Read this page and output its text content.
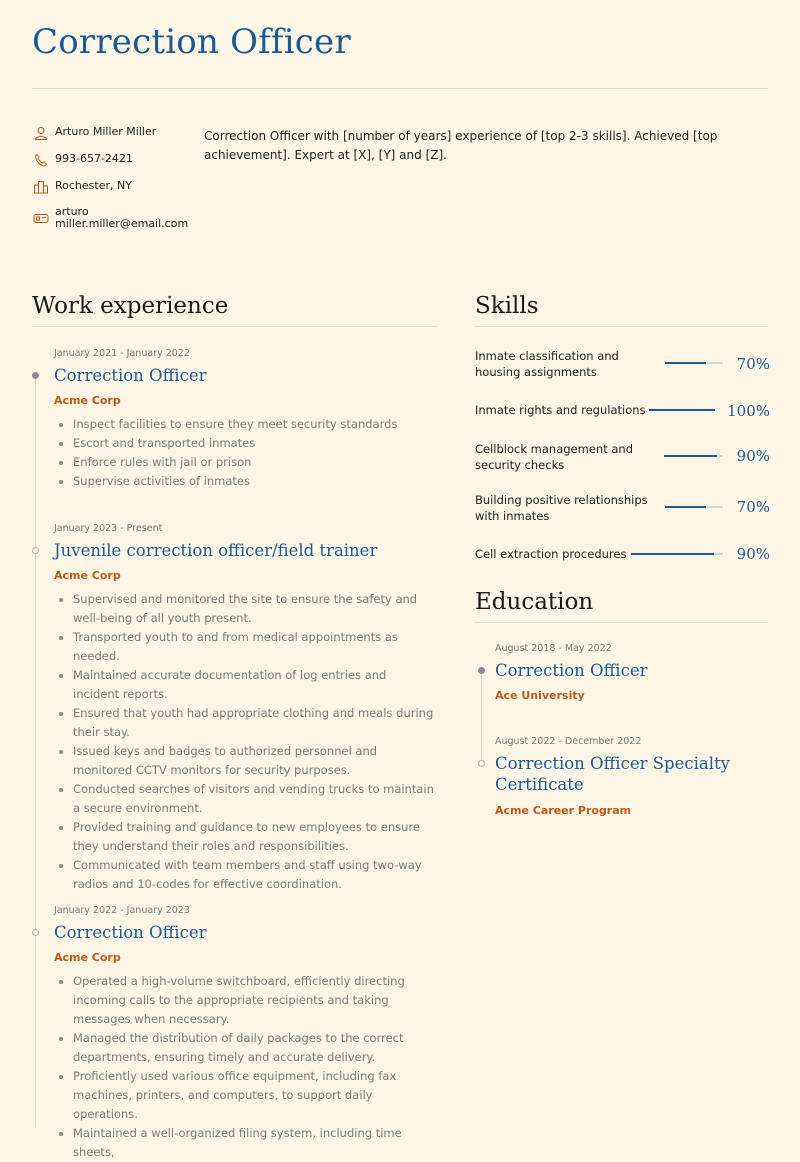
Correction Officer
Arturo Miller Miller
993-657-2421
Rochester, NY
arturo
miller.miller@email.com

Correction Officer with [number of years] experience of [top 2-3 skills]. Achieved [top achievement]. Expert at [X], [Y] and [Z].

Work experience
January 2021 - January 2022
Correction Officer
Acme Corp
Inspect facilities to ensure they meet security standards
Escort and transported inmates
Enforce rules with jail or prison
Supervise activities of inmates
January 2023 - Present
Juvenile correction officer/field trainer
Acme Corp
Supervised and monitored the site to ensure the safety and well-being of all youth present.
Transported youth to and from medical appointments as needed.
Maintained accurate documentation of log entries and incident reports.
Ensured that youth had appropriate clothing and meals during their stay.
Issued keys and badges to authorized personnel and monitored CCTV monitors for security purposes.
Conducted searches of visitors and vending trucks to maintain a secure environment.
Provided training and guidance to new employees to ensure they understand their roles and responsibilities.
Communicated with team members and staff using two-way radios and 10-codes for effective coordination.
January 2022 - January 2023
Correction Officer
Acme Corp
Operated a high-volume switchboard, efficiently directing incoming calls to the appropriate recipients and taking messages when necessary.
Managed the distribution of daily packages to the correct departments, ensuring timely and accurate delivery.
Proficiently used various office equipment, including fax machines, printers, and computers, to support daily operations.
Maintained a well-organized filing system, including time sheets,
Skills
Inmate classification and housing assignments	70%
Inmate rights and regulations	100%
Cellblock management and security checks	90%
Building positive relationships with inmates	70%
Cell extraction procedures	90%
Education
August 2018 - May 2022
Correction Officer
Ace University
August 2022 - December 2022
Correction Officer Specialty Certificate
Acme Career Program
